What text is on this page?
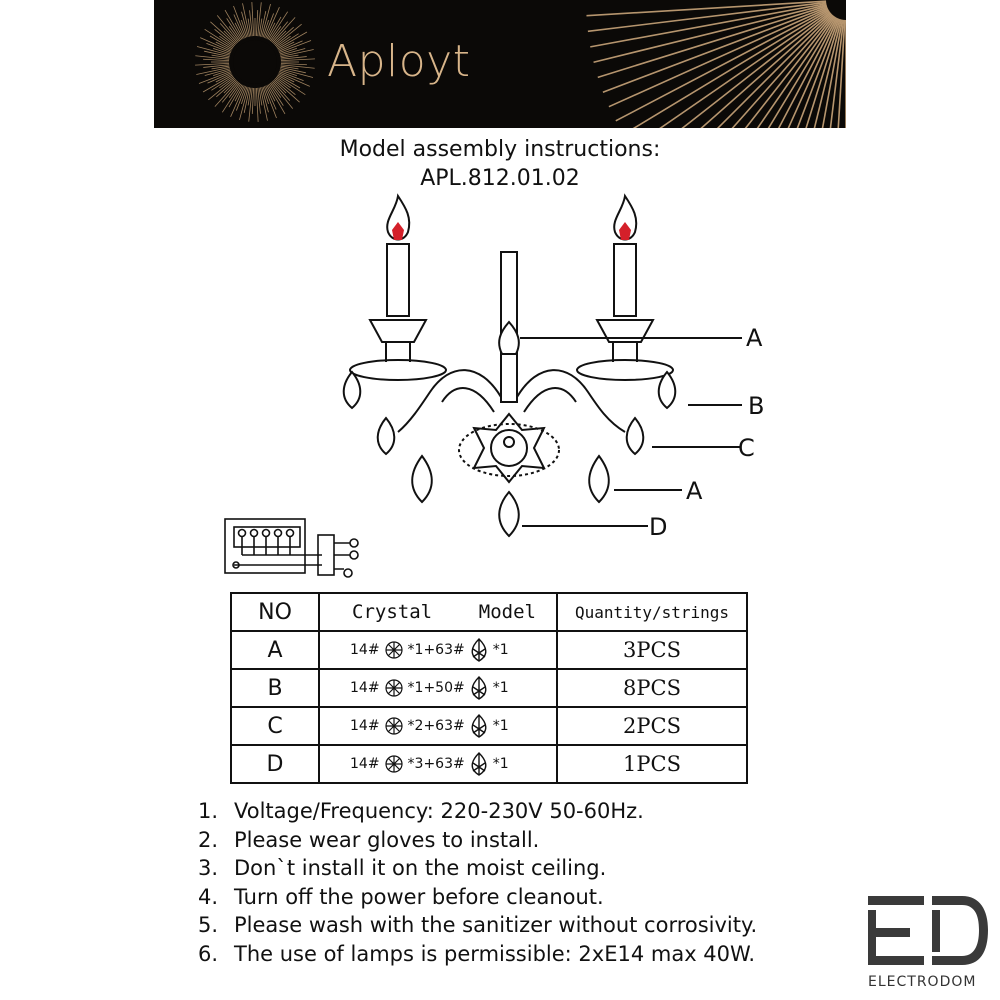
Aployt
Model assembly instructions:
APL.812.01.02
A
B
C
A
D
NO	Crystal Model	Quantity/strings
A	14# *1+63# *1	3PCS
B	14# *1+50# *1	8PCS
C	14# *2+63# *1	2PCS
D	14# *3+63# *1	1PCS
1. Voltage/Frequency: 220-230V 50-60Hz.
2. Please wear gloves to install.
3. Don`t install it on the moist ceiling.
4. Turn off the power before cleanout.
5. Please wash with the sanitizer without corrosivity.
6. The use of lamps is permissible: 2xE14 max 40W.
ELECTRODOM
